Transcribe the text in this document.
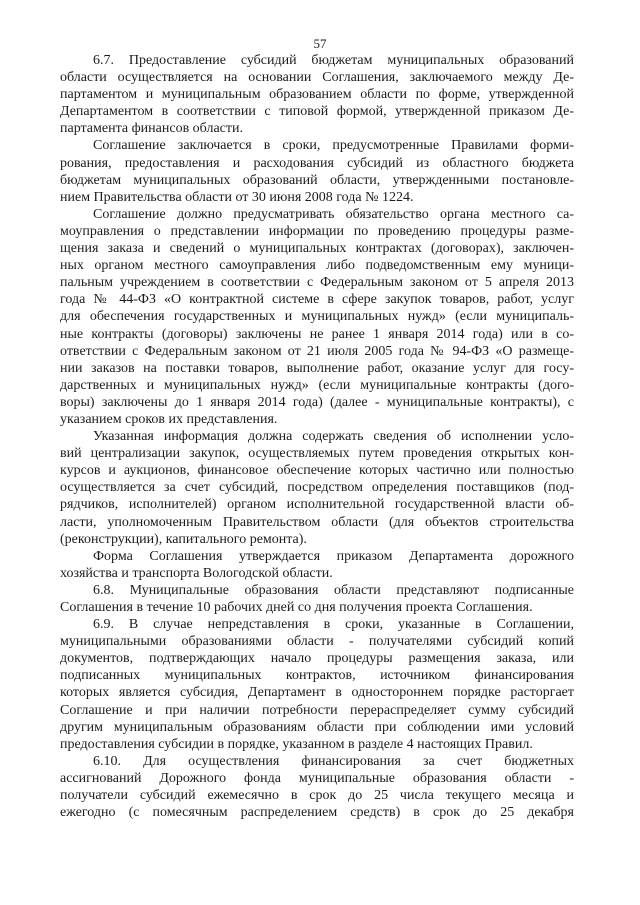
57
6.7. Предоставление субсидий бюджетам муниципальных образований
области осуществляется на основании Соглашения, заключаемого между Де-
партаментом и муниципальным образованием области по форме, утвержденной
Департаментом в соответствии с типовой формой, утвержденной приказом Де-
партамента финансов области.
Соглашение заключается в сроки, предусмотренные Правилами форми-
рования, предоставления и расходования субсидий из областного бюджета
бюджетам муниципальных образований области, утвержденными постановле-
нием Правительства области от 30 июня 2008 года № 1224.
Соглашение должно предусматривать обязательство органа местного са-
моуправления о представлении информации по проведению процедуры разме-
щения заказа и сведений о муниципальных контрактах (договорах), заключен-
ных органом местного самоуправления либо подведомственным ему муници-
пальным учреждением в соответствии с Федеральным законом от 5 апреля 2013
года № 44-ФЗ «О контрактной системе в сфере закупок товаров, работ, услуг
для обеспечения государственных и муниципальных нужд» (если муниципаль-
ные контракты (договоры) заключены не ранее 1 января 2014 года) или в со-
ответствии с Федеральным законом от 21 июля 2005 года № 94-ФЗ «О размеще-
нии заказов на поставки товаров, выполнение работ, оказание услуг для госу-
дарственных и муниципальных нужд» (если муниципальные контракты (дого-
воры) заключены до 1 января 2014 года) (далее - муниципальные контракты), с
указанием сроков их представления.
Указанная информация должна содержать сведения об исполнении усло-
вий централизации закупок, осуществляемых путем проведения открытых кон-
курсов и аукционов, финансовое обеспечение которых частично или полностью
осуществляется за счет субсидий, посредством определения поставщиков (под-
рядчиков, исполнителей) органом исполнительной государственной власти об-
ласти, уполномоченным Правительством области (для объектов строительства
(реконструкции), капитального ремонта).
Форма Соглашения утверждается приказом Департамента дорожного
хозяйства и транспорта Вологодской области.
6.8. Муниципальные образования области представляют подписанные
Соглашения в течение 10 рабочих дней со дня получения проекта Соглашения.
6.9. В случае непредставления в сроки, указанные в Соглашении,
муниципальными образованиями области - получателями субсидий копий
документов, подтверждающих начало процедуры размещения заказа, или
подписанных муниципальных контрактов, источником финансирования
которых является субсидия, Департамент в одностороннем порядке расторгает
Соглашение и при наличии потребности перераспределяет сумму субсидий
другим муниципальным образованиям области при соблюдении ими условий
предоставления субсидии в порядке, указанном в разделе 4 настоящих Правил.
6.10. Для осуществления финансирования за счет бюджетных
ассигнований Дорожного фонда муниципальные образования области -
получатели субсидий ежемесячно в срок до 25 числа текущего месяца и
ежегодно (с помесячным распределением средств) в срок до 25 декабря
